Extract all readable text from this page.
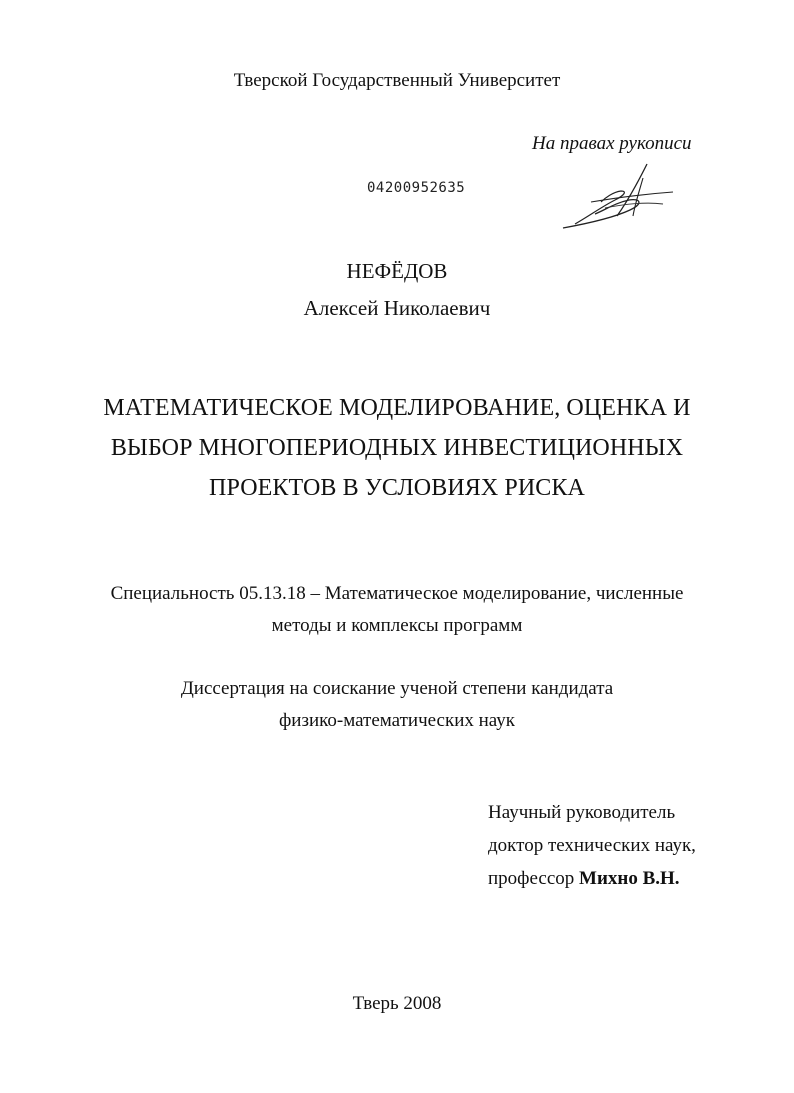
Тверской Государственный Университет
На правах рукописи
04200952635
НЕФЁДОВ
Алексей Николаевич
МАТЕМАТИЧЕСКОЕ МОДЕЛИРОВАНИЕ, ОЦЕНКА И
ВЫБОР МНОГОПЕРИОДНЫХ ИНВЕСТИЦИОННЫХ
ПРОЕКТОВ В УСЛОВИЯХ РИСКА
Специальность 05.13.18 – Математическое моделирование, численные
методы и комплексы программ
Диссертация на соискание ученой степени кандидата
физико-математических наук
Научный руководитель
доктор технических наук,
профессор Михно В.Н.
Тверь 2008
